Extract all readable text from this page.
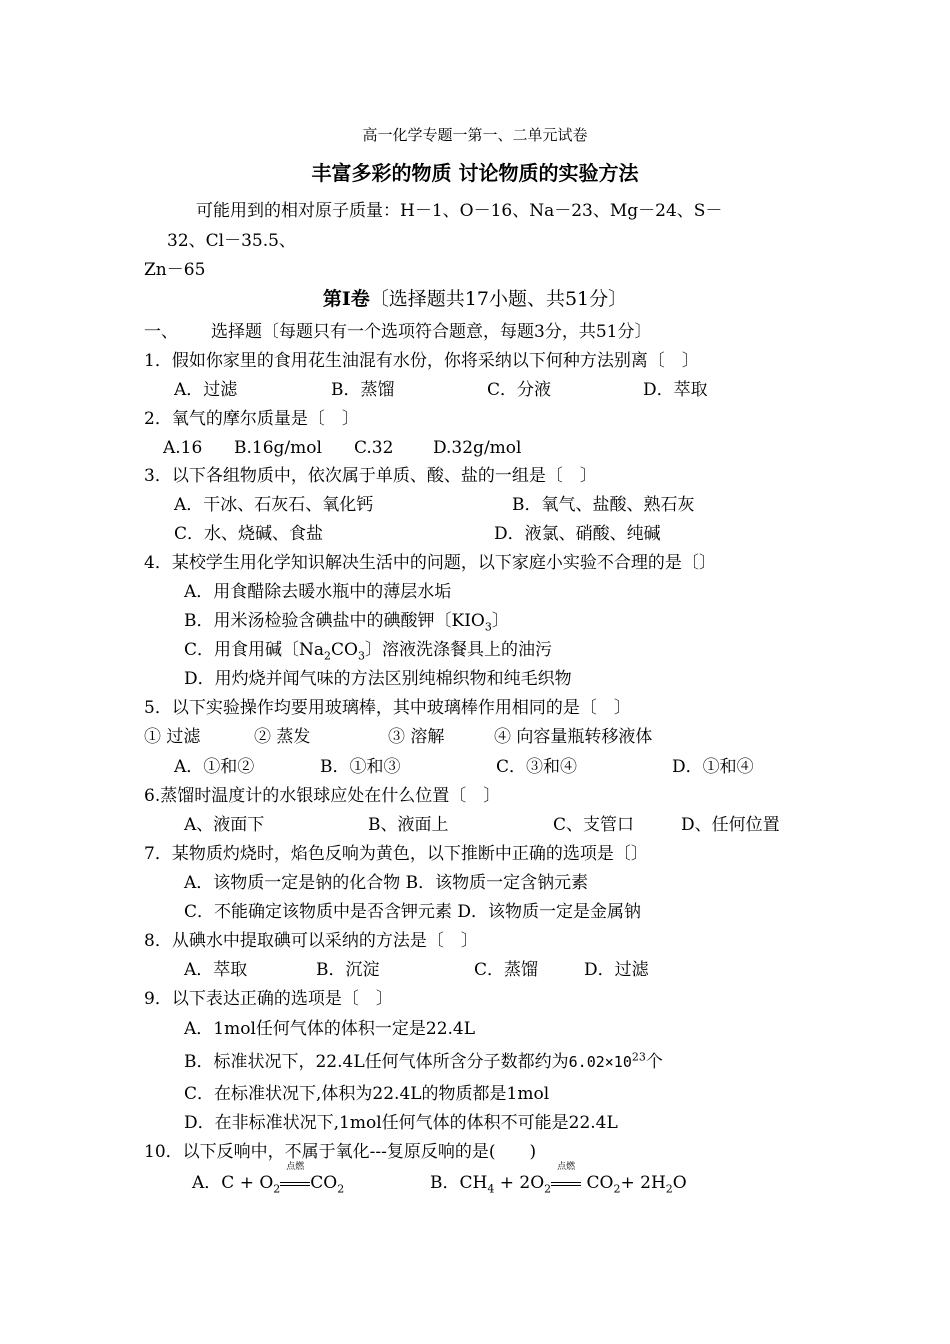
高一化学专题一第一、二单元试卷
丰富多彩的物质 讨论物质的实验方法
可能用到的相对原子质量：H－1、O－16、Na－23、Mg－24、S－
32、Cl－35.5、
Zn－65
第Ⅰ卷〔选择题共17小题、共51分〕
一、 选择题〔每题只有一个选项符合题意，每题3分，共51分〕
1．假如你家里的食用花生油混有水份，你将采纳以下何种方法别离〔　〕
A．过滤	B．蒸馏	C．分液	D．萃取
2．氧气的摩尔质量是〔　〕
A.16 B.16g/mol C.32 D.32g/mol
3．以下各组物质中，依次属于单质、酸、盐的一组是〔　〕
A．干冰、石灰石、氧化钙	B．氧气、盐酸、熟石灰
C．水、烧碱、食盐	D．液氯、硝酸、纯碱
4．某校学生用化学知识解决生活中的问题，以下家庭小实验不合理的是〔〕
A．用食醋除去暖水瓶中的薄层水垢
B．用米汤检验含碘盐中的碘酸钾〔$KIO_3$〕
C．用食用碱〔$Na_2CO_3$〕溶液洗涤餐具上的油污
D．用灼烧并闻气味的方法区别纯棉织物和纯毛织物
5．以下实验操作均要用玻璃棒，其中玻璃棒作用相同的是〔　〕
① 过滤	② 蒸发	③ 溶解	④ 向容量瓶转移液体
A．①和②	B．①和③	C．③和④	D．①和④
6.蒸馏时温度计的水银球应处在什么位置〔　〕
A、液面下	B、液面上	C、支管口	D、任何位置
7．某物质灼烧时，焰色反响为黄色，以下推断中正确的选项是〔〕
A．该物质一定是钠的化合物 B．该物质一定含钠元素
C．不能确定该物质中是否含钾元素 D．该物质一定是金属钠
8．从碘水中提取碘可以采纳的方法是〔　〕
A．萃取	B．沉淀	C．蒸馏	D．过滤
9．以下表达正确的选项是〔　〕
A．1mol任何气体的体积一定是22.4L
B．标准状况下，22.4L任何气体所含分子数都约为$6.02\times 10^{23}$个
C．在标准状况下,体积为22.4L的物质都是1mol
D．在非标准状况下,1mol任何气体的体积不可能是22.4L
10．以下反响中，不属于氧化---复原反响的是(　　)
A．$C + O_2$
点燃
$CO_2$	B．$CH_4 + 2O_2$
点燃
$CO_2+ 2H_2O$
